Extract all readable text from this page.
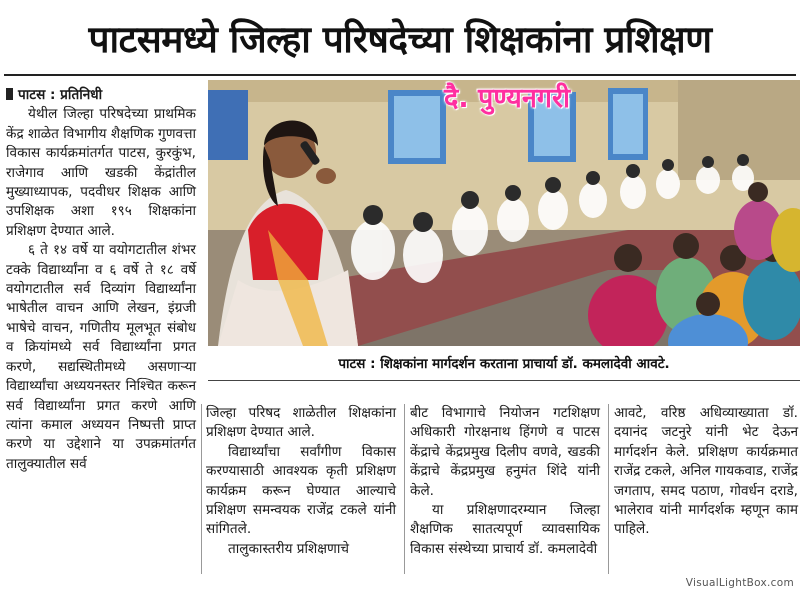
पाटसमध्ये जिल्हा परिषदेच्या शिक्षकांना प्रशिक्षण

पाटस : प्रतिनिधी

येथील जिल्हा परिषदेच्या प्राथमिक केंद्र शाळेत विभागीय शैक्षणिक गुणवत्ता विकास कार्यक्रमांतर्गत पाटस, कुरकुंभ, राजेगाव आणि खडकी केंद्रांतील मुख्याध्यापक, पदवीधर शिक्षक आणि उपशिक्षक अशा १९५ शिक्षकांना प्रशिक्षण देण्यात आले.

६ ते १४ वर्षे या वयोगटातील शंभर टक्के विद्यार्थ्यांना व ६ वर्षे ते १८ वर्षे वयोगटातील सर्व दिव्यांग विद्यार्थ्यांना भाषेतील वाचन आणि लेखन, इंग्रजी भाषेचे वाचन, गणितीय मूलभूत संबोध व क्रियांमध्ये सर्व विद्यार्थ्यांना प्रगत करणे, सद्यस्थितीमध्ये असणाऱ्या विद्यार्थ्यांचा अध्ययनस्तर निश्चित करून सर्व विद्यार्थ्यांना प्रगत करणे आणि त्यांना कमाल अध्ययन निष्पत्ती प्राप्त करणे या उद्देशाने या उपक्रमांतर्गत तालुक्यातील सर्व

दै. पुण्यनगरी
पाटस : शिक्षकांना मार्गदर्शन करताना प्राचार्या डॉ. कमलादेवी आवटे.

जिल्हा परिषद शाळेतील शिक्षकांना प्रशिक्षण देण्यात आले.

विद्यार्थ्यांचा सर्वांगीण विकास करण्यासाठी आवश्यक कृती प्रशिक्षण कार्यक्रम करून घेण्यात आल्याचे प्रशिक्षण समन्वयक राजेंद्र टकले यांनी सांगितले.

तालुकास्तरीय प्रशिक्षणाचे

बीट विभागाचे नियोजन गटशिक्षण अधिकारी गोरक्षनाथ हिंगणे व पाटस केंद्राचे केंद्रप्रमुख दिलीप वणवे, खडकी केंद्राचे केंद्रप्रमुख हनुमंत शिंदे यांनी केले.

या प्रशिक्षणादरम्यान जिल्हा शैक्षणिक सातत्यपूर्ण व्यावसायिक विकास संस्थेच्या प्राचार्य डॉ. कमलादेवी

आवटे, वरिष्ठ अधिव्याख्याता डॉ. दयानंद जटनुरे यांनी भेट देऊन मार्गदर्शन केले. प्रशिक्षण कार्यक्रमात राजेंद्र टकले, अनिल गायकवाड, राजेंद्र जगताप, समद पठाण, गोवर्धन दराडे, भालेराव यांनी मार्गदर्शक म्हणून काम पाहिले.

VisualLightBox.com
